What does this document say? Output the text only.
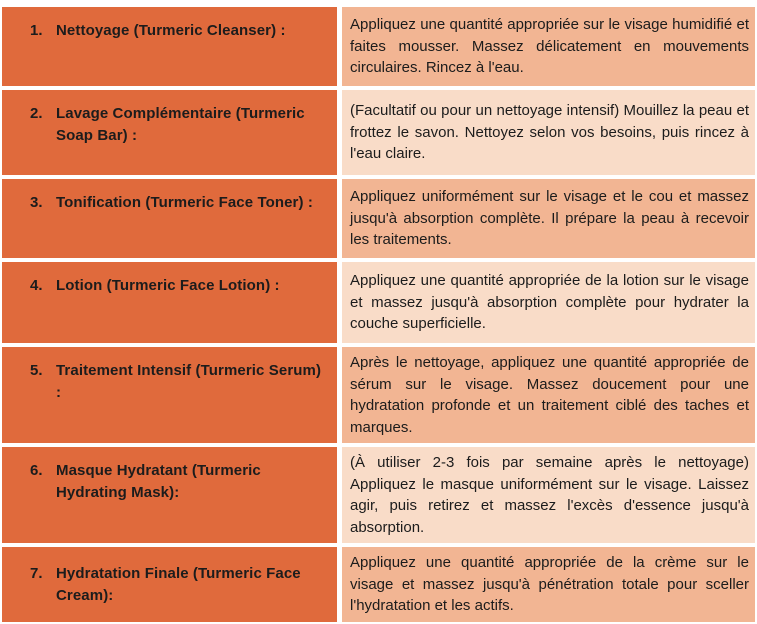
1. Nettoyage (Turmeric Cleanser) :	Appliquez une quantité appropriée sur le visage humidifié et faites mousser. Massez délicatement en mouvements circulaires. Rincez à l'eau.

2. Lavage Complémentaire (Turmeric Soap Bar) :

(Facultatif ou pour un nettoyage intensif) Mouillez la peau et frottez le savon. Nettoyez selon vos besoins, puis rincez à l'eau claire.

3. Tonification (Turmeric Face Toner) : Appliquez uniformément sur le visage et le cou et massez jusqu'à absorption complète. Il prépare la peau à recevoir les traitements.

4. Lotion (Turmeric Face Lotion) :	Appliquez une quantité appropriée de la lotion sur le visage et massez jusqu'à absorption complète pour hydrater la couche superficielle.

5. Traitement Intensif (Turmeric Serum) :

Après le nettoyage, appliquez une quantité appropriée de sérum sur le visage. Massez doucement pour une hydratation profonde et un traitement ciblé des taches et marques.

6. Masque Hydratant (Turmeric Hydrating Mask):

(À utiliser 2-3 fois par semaine après le nettoyage) Appliquez le masque uniformément sur le visage. Laissez agir, puis retirez et massez l'excès d'essence jusqu'à absorption.

7. Hydratation Finale (Turmeric Face Cream):

Appliquez une quantité appropriée de la crème sur le visage et massez jusqu'à pénétration totale pour sceller l'hydratation et les actifs.
